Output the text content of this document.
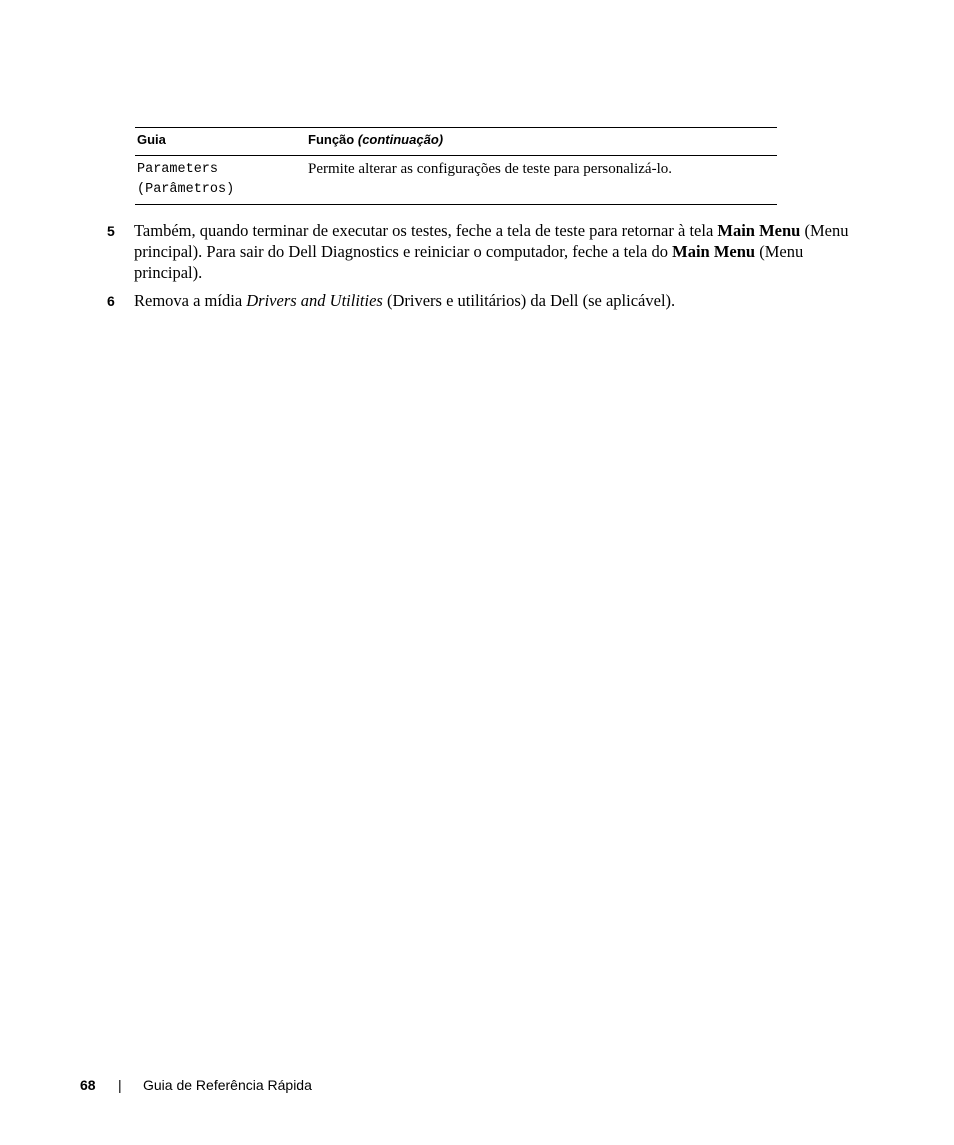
Guia	Função (continuação)
Parameters
(Parâmetros)
Permite alterar as configurações de teste para personalizá-lo.
5 Também, quando terminar de executar os testes, feche a tela de teste para retornar à tela Main Menu (Menu principal). Para sair do Dell Diagnostics e reiniciar o computador, feche a tela do Main Menu (Menu principal).
6 Remova a mídia Drivers and Utilities (Drivers e utilitários) da Dell (se aplicável).
68 | Guia de Referência Rápida
